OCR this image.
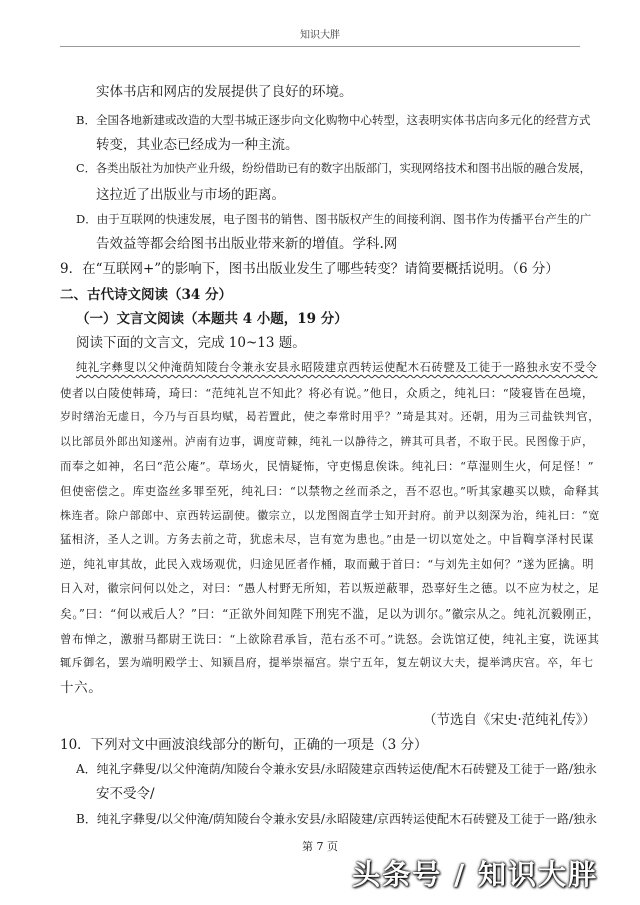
知识大胖
实体书店和网店的发展提供了良好的环境。
B．全国各地新建或改造的大型书城正逐步向文化购物中心转型，这表明实体书店向多元化的经营方式
转变，其业态已经成为一种主流。
C．各类出版社为加快产业升级，纷纷借助已有的数字出版部门，实现网络技术和图书出版的融合发展，
这拉近了出版业与市场的距离。
D．由于互联网的快速发展，电子图书的销售、图书版权产生的间接利润、图书作为传播平台产生的广
告效益等都会给图书出版业带来新的增值。学科.网
9．在“互联网+”的影响下，图书出版业发生了哪些转变？请简要概括说明。（6 分）
二、古代诗文阅读（34 分）
（一）文言文阅读（本题共 4 小题，19 分）
阅读下面的文言文，完成 10~13 题。
纯礼字彝叟以父仲淹荫知陵台令兼永安县永昭陵建京西转运使配木石砖甓及工徒于一路独永安不受令
使者以白陵使韩琦，琦曰：“范纯礼岂不知此？将必有说。”他日，众质之，纯礼曰：“陵寝皆在邑境，
岁时缮治无虚日，今乃与百县均赋，曷若置此，使之奉常时用乎？”琦是其对。还朝，用为三司盐铁判官，
以比部员外郎出知遂州。泸南有边事，调度苛棘，纯礼一以静待之，辨其可具者，不取于民。民图像于庐，
而奉之如神，名曰“范公庵”。草场火，民情疑怖，守吏惕息俟诛。纯礼曰：“草湿则生火，何足怪！”
但使密偿之。库吏盗丝多罪至死，纯礼曰：“以禁物之丝而杀之，吾不忍也。”听其家趣买以赎，命释其
株连者。除户部郎中、京西转运副使。徽宗立，以龙图阁直学士知开封府。前尹以刻深为治，纯礼曰：“宽
猛相济，圣人之训。方务去前之苛，犹虑未尽，岂有宽为患也。”由是一切以宽处之。中旨鞫享泽村民谋
逆，纯礼审其故，此民入戏场观优，归途见匠者作桶，取而戴于首曰：“与刘先主如何？”遂为匠擒。明
日入对，徽宗问何以处之，对曰：“愚人村野无所知，若以叛逆蔽罪，恐辜好生之德。以不应为杖之，足
矣。”曰：“何以戒后人？”曰：“正欲外间知陛下刑宪不滥，足以为训尔。”徽宗从之。纯礼沉毅刚正，
曾布惮之，激驸马都尉王诜曰：“上欲除君承旨，范右丞不可。”诜怒。会诜馆辽使，纯礼主宴，诜诬其
辄斥御名，罢为端明殿学士、知颍昌府，提举崇福宫。崇宁五年，复左朝议大夫，提举鸿庆宫。卒，年七
十六。
（节选自《宋史·范纯礼传》）
10．下列对文中画波浪线部分的断句，正确的一项是（3 分）
A．纯礼字彝叟/以父仲淹荫/知陵台令兼永安县/永昭陵建京西转运使/配木石砖甓及工徒于一路/独永
安不受令/
B．纯礼字彝叟/以父仲淹/荫知陵台令兼永安县/永昭陵建/京西转运使配木石砖甓及工徒于一路/独永
第 7 页
头条号 / 知识大胖
